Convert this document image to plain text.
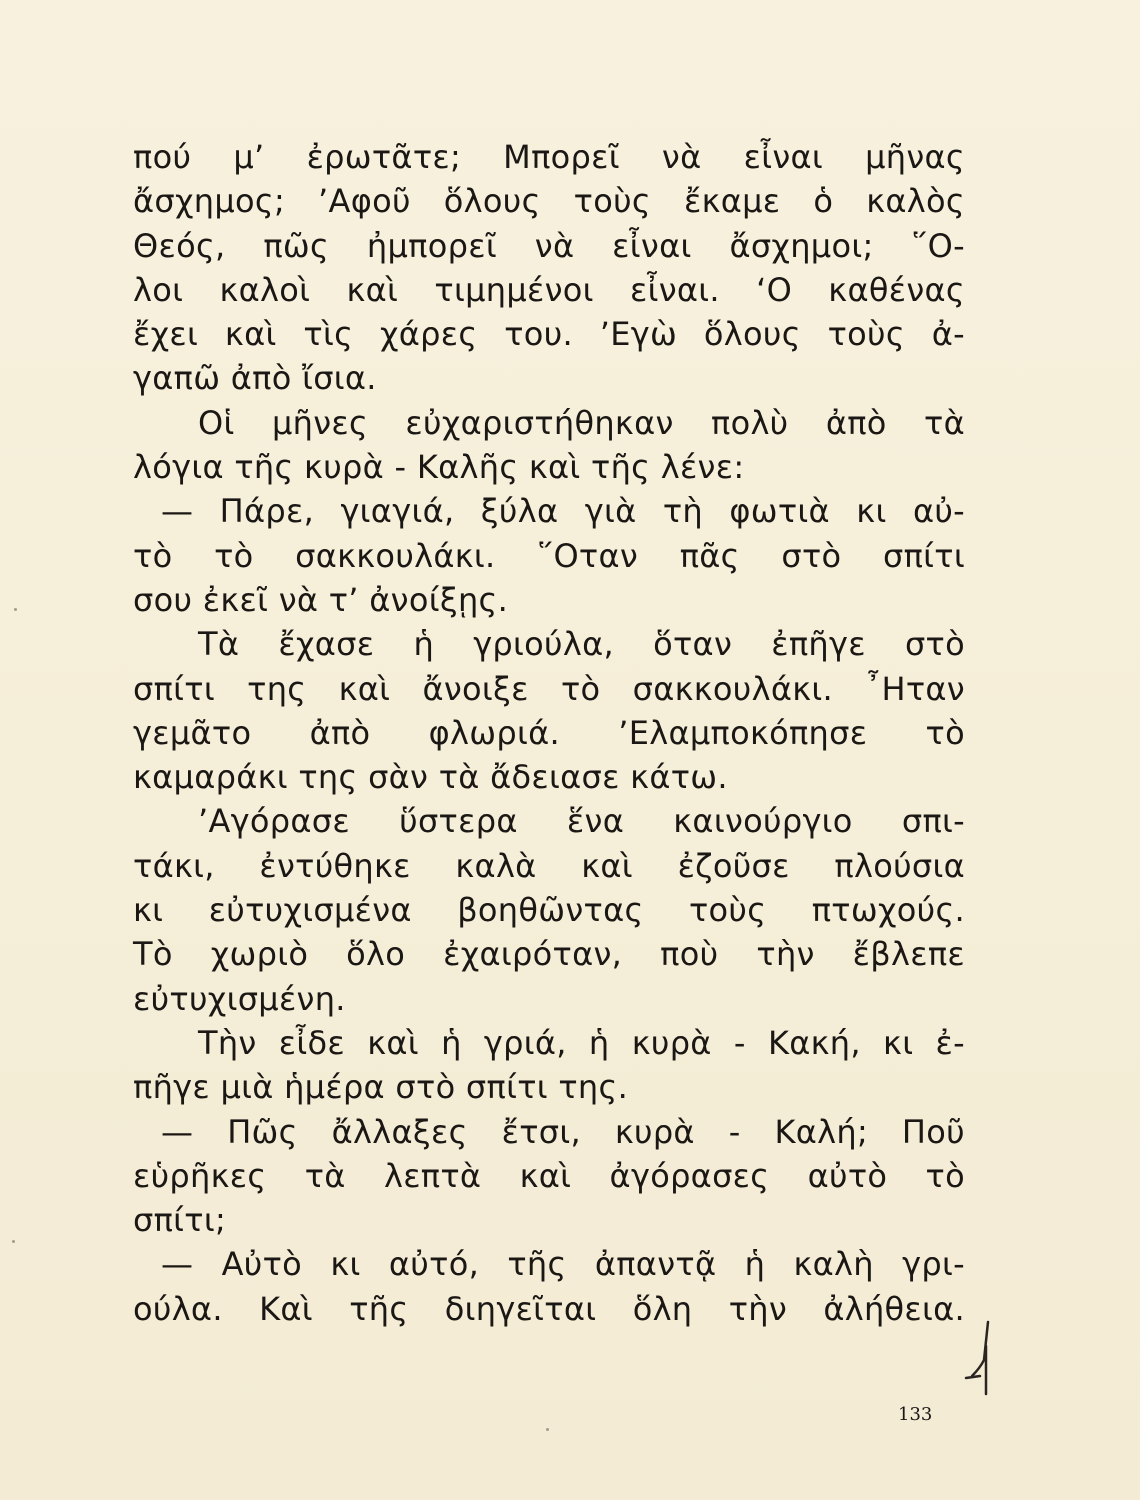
πού μ’ ἐρωτᾶτε; Μπορεῖ νὰ εἶναι μῆνας
ἄσχημος; ’Αφοῦ ὅλους τοὺς ἔκαμε ὁ καλὸς
Θεός, πῶς ἠμπορεῖ νὰ εἶναι ἄσχημοι; ῞Ο-
λοι καλοὶ καὶ τιμημένοι εἶναι. ‘Ο καθένας
ἔχει καὶ τὶς χάρες του. ’Εγὼ ὅλους τοὺς ἀ-
γαπῶ ἀπὸ ἴσια.
Οἱ μῆνες εὐχαριστήθηκαν πολὺ ἀπὸ τὰ
λόγια τῆς κυρὰ - Καλῆς καὶ τῆς λένε:
— Πάρε, γιαγιά, ξύλα γιὰ τὴ φωτιὰ κι αὐ-
τὸ τὸ σακκουλάκι. ῞Οταν πᾶς στὸ σπίτι
σου ἐκεῖ νὰ τ’ ἀνοίξῃς.
Τὰ ἔχασε ἡ γριούλα, ὅταν ἐπῆγε στὸ
σπίτι της καὶ ἄνοιξε τὸ σακκουλάκι. ῏Ηταν
γεμᾶτο ἀπὸ φλωριά. ’Ελαμποκόπησε τὸ
καμαράκι της σὰν τὰ ἄδειασε κάτω.
’Αγόρασε ὕστερα ἕνα καινούργιο σπι-
τάκι, ἐντύθηκε καλὰ καὶ ἐζοῦσε πλούσια
κι εὐτυχισμένα βοηθῶντας τοὺς πτωχούς.
Τὸ χωριὸ ὅλο ἐχαιρόταν, ποὺ τὴν ἔβλεπε
εὐτυχισμένη.
Τὴν εἶδε καὶ ἡ γριά, ἡ κυρὰ - Κακή, κι ἐ-
πῆγε μιὰ ἡμέρα στὸ σπίτι της.
— Πῶς ἄλλαξες ἔτσι, κυρὰ - Καλή; Ποῦ
εὑρῆκες τὰ λεπτὰ καὶ ἀγόρασες αὐτὸ τὸ
σπίτι;
— Αὐτὸ κι αὐτό, τῆς ἀπαντᾷ ἡ καλὴ γρι-
ούλα. Καὶ τῆς διηγεῖται ὅλη τὴν ἀλήθεια.
133
